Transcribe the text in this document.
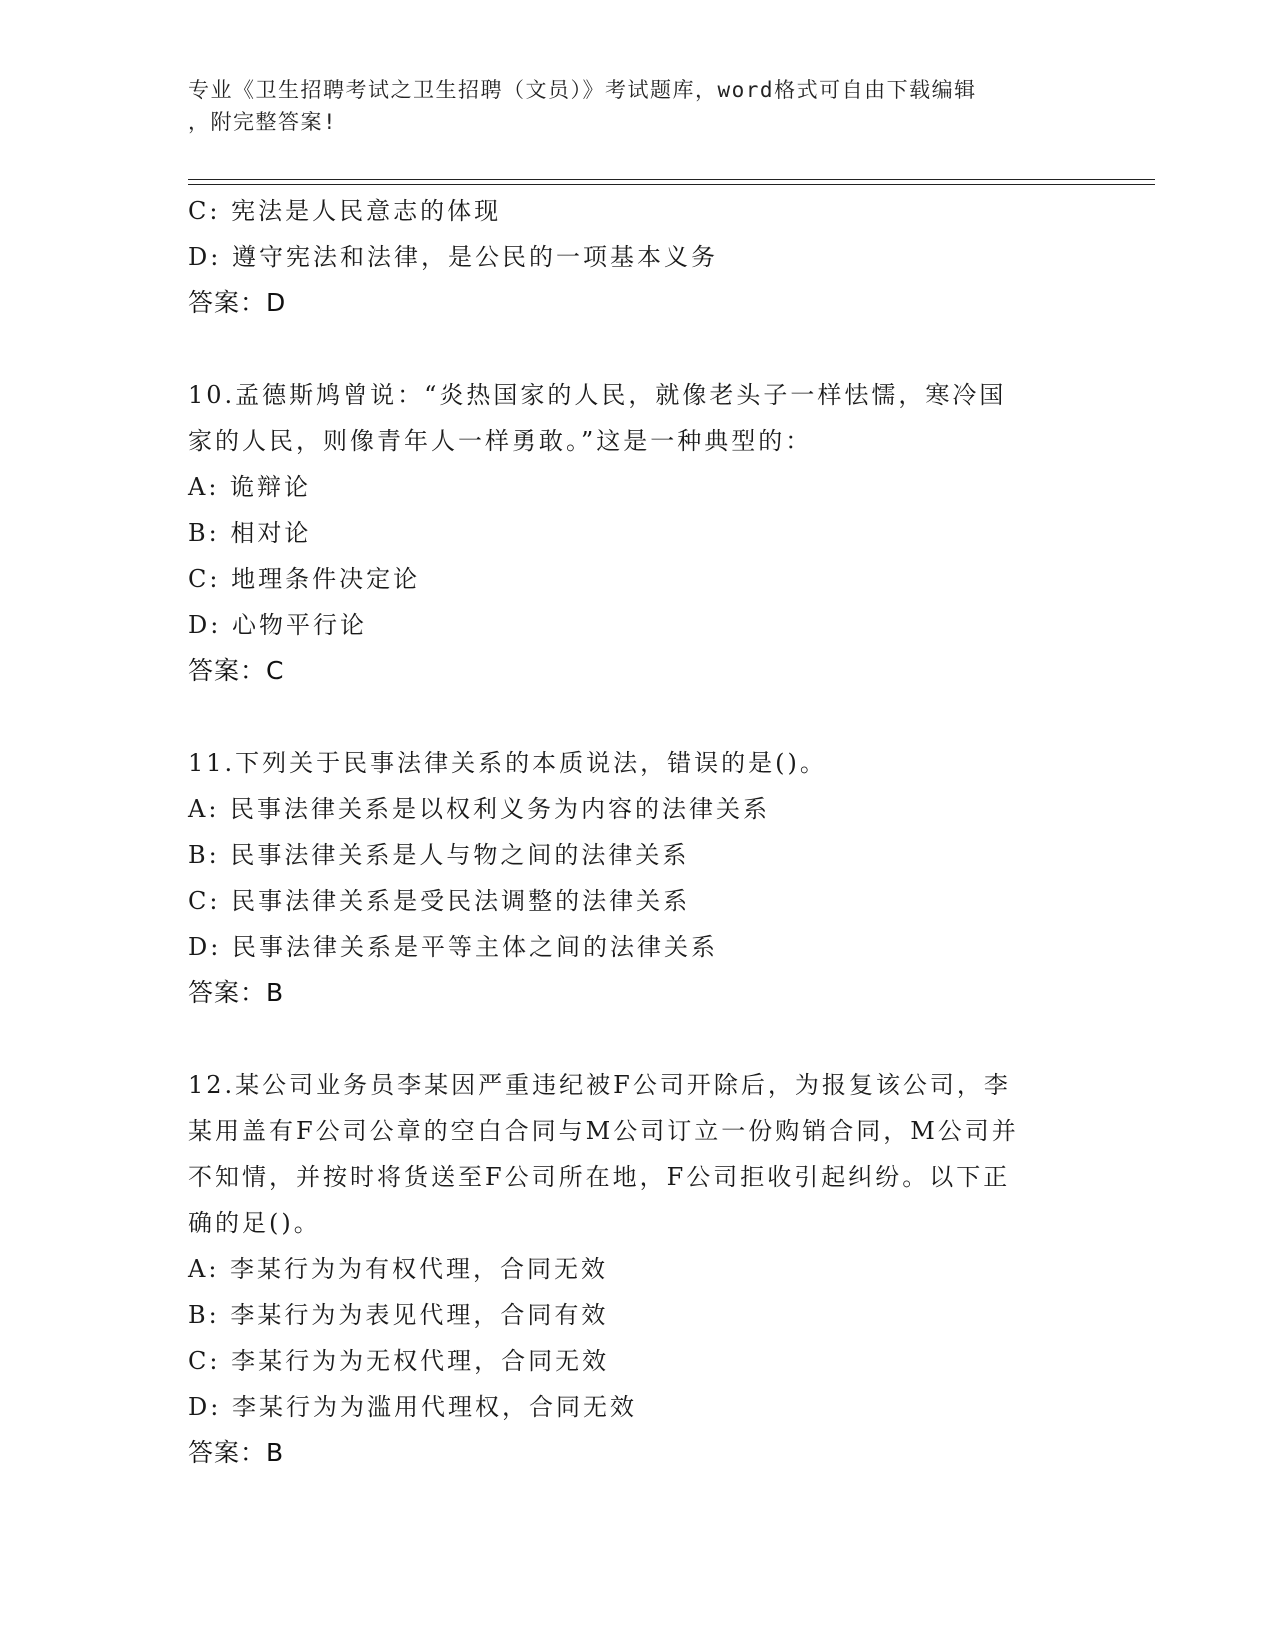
专业《卫生招聘考试之卫生招聘（文员）》考试题库，word格式可自由下载编辑
，附完整答案!
C: 宪法是人民意志的体现
D: 遵守宪法和法律，是公民的一项基本义务
答案：D
10.孟德斯鸠曾说：“炎热国家的人民，就像老头子一样怯懦，寒冷国
家的人民，则像青年人一样勇敢。”这是一种典型的：
A: 诡辩论
B: 相对论
C: 地理条件决定论
D: 心物平行论
答案：C
11.下列关于民事法律关系的本质说法，错误的是()。
A: 民事法律关系是以权利义务为内容的法律关系
B: 民事法律关系是人与物之间的法律关系
C: 民事法律关系是受民法调整的法律关系
D: 民事法律关系是平等主体之间的法律关系
答案：B
12.某公司业务员李某因严重违纪被F公司开除后，为报复该公司，李
某用盖有F公司公章的空白合同与M公司订立一份购销合同，M公司并
不知情，并按时将货送至F公司所在地，F公司拒收引起纠纷。以下正
确的足()。
A: 李某行为为有权代理，合同无效
B: 李某行为为表见代理，合同有效
C: 李某行为为无权代理，合同无效
D: 李某行为为滥用代理权，合同无效
答案：B
